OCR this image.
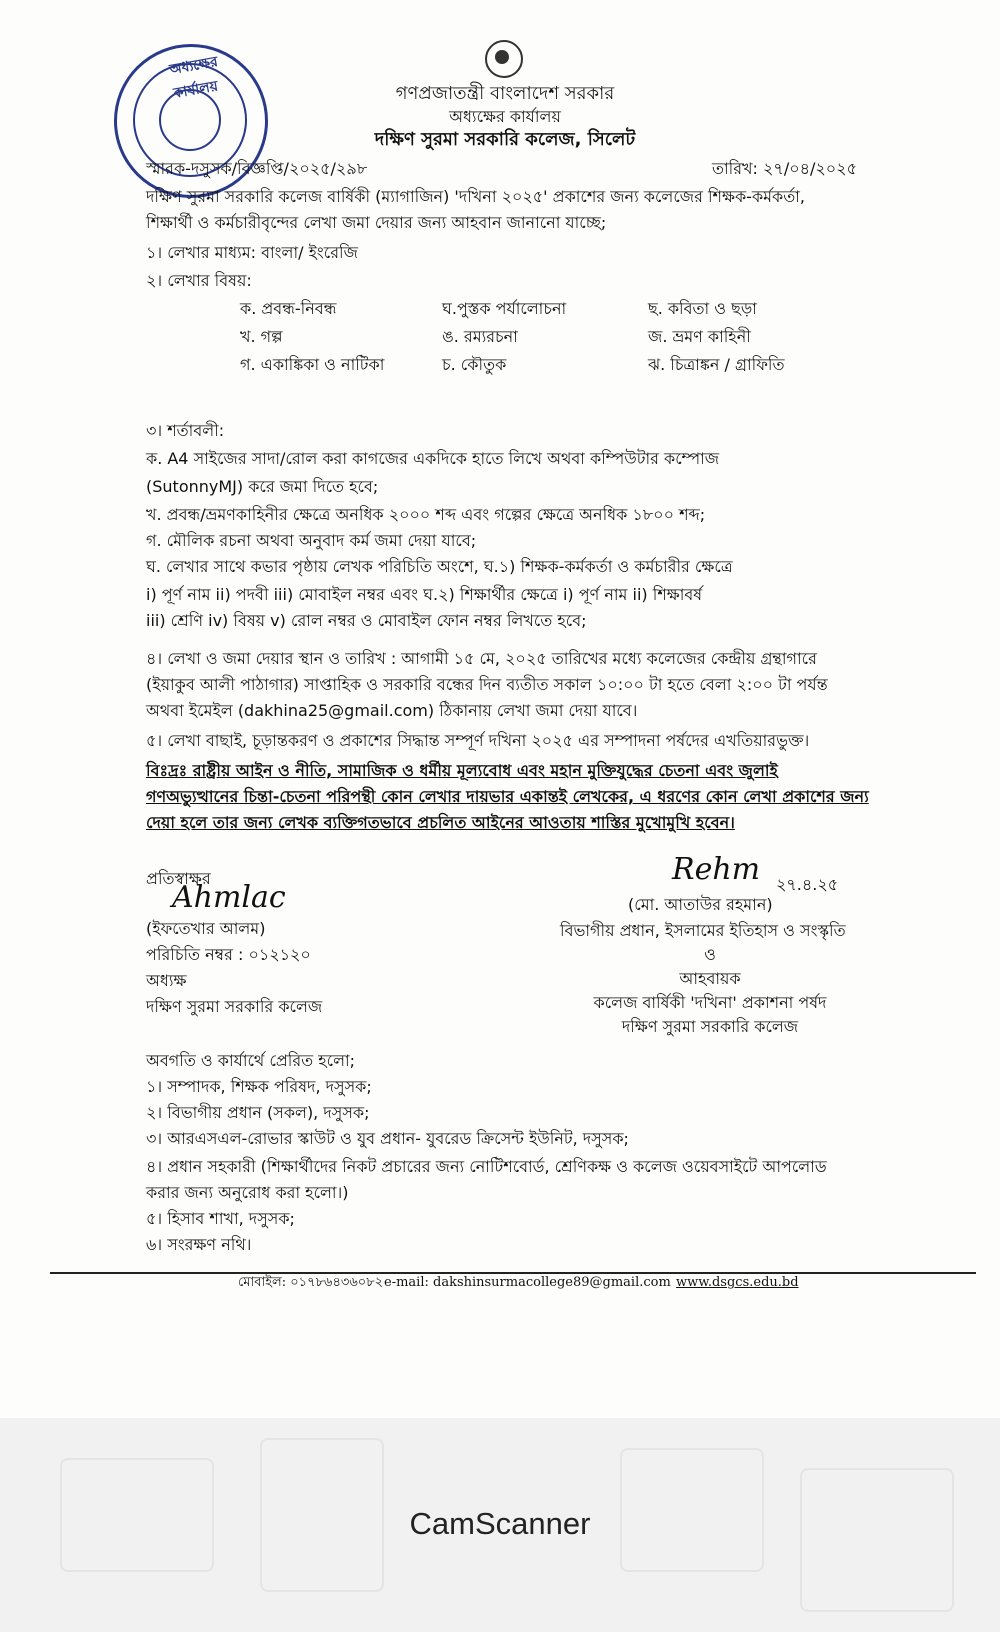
অধ্যক্ষের কার্যালয়	গণপ্রজাতন্ত্রী বাংলাদেশ সরকার
অধ্যক্ষের কার্যালয়
দক্ষিণ সুরমা সরকারি কলেজ, সিলেট
স্মারক-দসুসক/বিজ্ঞপ্তি/২০২৫/২৯৮	তারিখ: ২৭/০৪/২০২৫
দক্ষিণ সুরমা সরকারি কলেজ বার্ষিকী (ম্যাগাজিন) 'দখিনা ২০২৫' প্রকাশের জন্য কলেজের শিক্ষক-কর্মকর্তা,
শিক্ষার্থী ও কর্মচারীবৃন্দের লেখা জমা দেয়ার জন্য আহবান জানানো যাচ্ছে;
১। লেখার মাধ্যম: বাংলা/ ইংরেজি
২। লেখার বিষয়:
ক. প্রবন্ধ-নিবন্ধ	ঘ.পুস্তক পর্যালোচনা	ছ. কবিতা ও ছড়া
খ. গল্প	ঙ. রম্যরচনা	জ. ভ্রমণ কাহিনী
গ. একাঙ্কিকা ও নাটিকা	চ. কৌতুক	ঝ. চিত্রাঙ্কন / গ্রাফিতি
৩। শর্তাবলী:
ক. A4 সাইজের সাদা/রোল করা কাগজের একদিকে হাতে লিখে অথবা কম্পিউটার কম্পোজ
(SutonnyMJ) করে জমা দিতে হবে;
খ. প্রবন্ধ/ভ্রমণকাহিনীর ক্ষেত্রে অনধিক ২০০০ শব্দ এবং গল্পের ক্ষেত্রে অনধিক ১৮০০ শব্দ;
গ. মৌলিক রচনা অথবা অনুবাদ কর্ম জমা দেয়া যাবে;
ঘ. লেখার সাথে কভার পৃষ্ঠায় লেখক পরিচিতি অংশে, ঘ.১) শিক্ষক-কর্মকর্তা ও কর্মচারীর ক্ষেত্রে
i) পূর্ণ নাম ii) পদবী iii) মোবাইল নম্বর এবং ঘ.২) শিক্ষার্থীর ক্ষেত্রে i) পূর্ণ নাম ii) শিক্ষাবর্ষ
iii) শ্রেণি iv) বিষয় v) রোল নম্বর ও মোবাইল ফোন নম্বর লিখতে হবে;
৪। লেখা ও জমা দেয়ার স্থান ও তারিখ : আগামী ১৫ মে, ২০২৫ তারিখের মধ্যে কলেজের কেন্দ্রীয় গ্রন্থাগারে
(ইয়াকুব আলী পাঠাগার) সাপ্তাহিক ও সরকারি বন্ধের দিন ব্যতীত সকাল ১০:০০ টা হতে বেলা ২:০০ টা পর্যন্ত
অথবা ইমেইল (dakhina25@gmail.com) ঠিকানায় লেখা জমা দেয়া যাবে।
৫। লেখা বাছাই, চূড়ান্তকরণ ও প্রকাশের সিদ্ধান্ত সম্পূর্ণ দখিনা ২০২৫ এর সম্পাদনা পর্ষদের এখতিয়ারভুক্ত।
বিঃদ্রঃ রাষ্ট্রীয় আইন ও নীতি, সামাজিক ও ধর্মীয় মূল্যবোধ এবং মহান মুক্তিযুদ্ধের চেতনা এবং জুলাই
গণঅভ্যুত্থানের চিন্তা-চেতনা পরিপন্থী কোন লেখার দায়ভার একান্তই লেখকের, এ ধরণের কোন লেখা প্রকাশের জন্য
দেয়া হলে তার জন্য লেখক ব্যক্তিগতভাবে প্রচলিত আইনের আওতায় শাস্তির মুখোমুখি হবেন।
প্রতিস্বাক্ষর
Ahmlac
(ইফতেখার আলম)
পরিচিতি নম্বর : ০১২১২০
অধ্যক্ষ
দক্ষিণ সুরমা সরকারি কলেজ
Rehm ২৭.৪.২৫
(মো. আতাউর রহমান)
বিভাগীয় প্রধান, ইসলামের ইতিহাস ও সংস্কৃতি
ও
আহবায়ক
কলেজ বার্ষিকী 'দখিনা' প্রকাশনা পর্ষদ
দক্ষিণ সুরমা সরকারি কলেজ
অবগতি ও কার্যার্থে প্রেরিত হলো;
১। সম্পাদক, শিক্ষক পরিষদ, দসুসক;
২। বিভাগীয় প্রধান (সকল), দসুসক;
৩। আরএসএল-রোভার স্কাউট ও যুব প্রধান- যুবরেড ক্রিসেন্ট ইউনিট, দসুসক;
৪। প্রধান সহকারী (শিক্ষার্থীদের নিকট প্রচারের জন্য নোটিশবোর্ড, শ্রেণিকক্ষ ও কলেজ ওয়েবসাইটে আপলোড
করার জন্য অনুরোধ করা হলো।)
৫। হিসাব শাখা, দসুসক;
৬। সংরক্ষণ নথি।
মোবাইল: ০১৭৮৬৪৩৬০৮২ e-mail: dakshinsurmacollege89@gmail.com www.dsgcs.edu.bd
CamScanner
